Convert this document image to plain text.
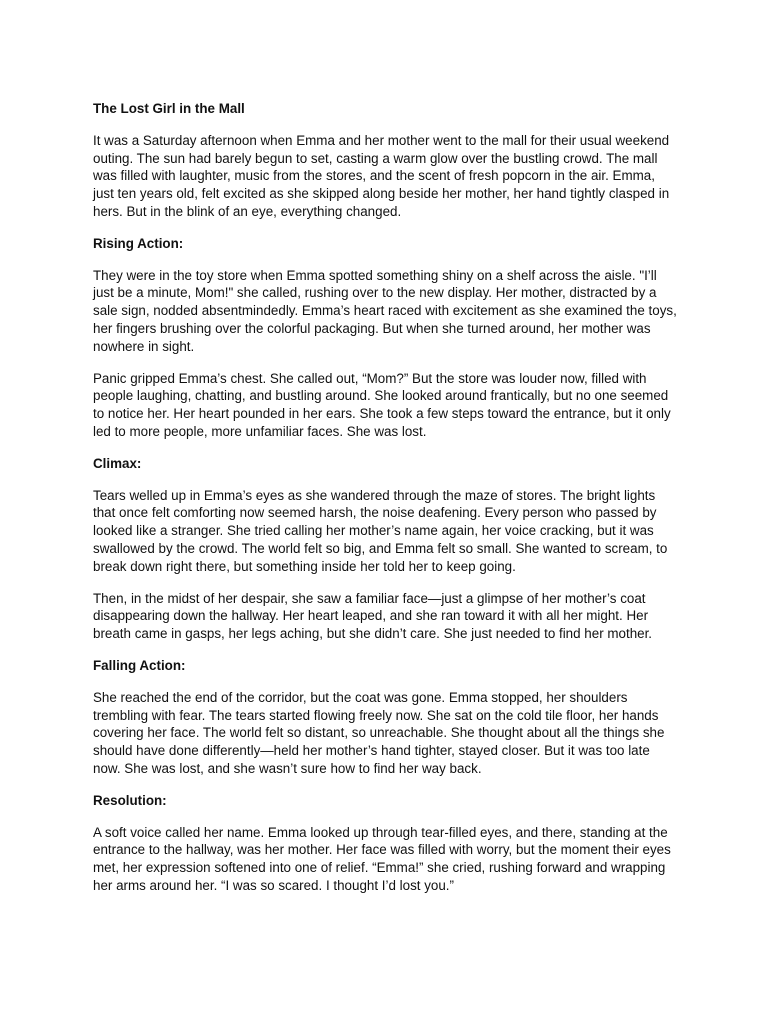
The Lost Girl in the Mall

It was a Saturday afternoon when Emma and her mother went to the mall for their usual weekend outing. The sun had barely begun to set, casting a warm glow over the bustling crowd. The mall was filled with laughter, music from the stores, and the scent of fresh popcorn in the air. Emma, just ten years old, felt excited as she skipped along beside her mother, her hand tightly clasped in hers. But in the blink of an eye, everything changed.

Rising Action:

They were in the toy store when Emma spotted something shiny on a shelf across the aisle. "I’ll just be a minute, Mom!" she called, rushing over to the new display. Her mother, distracted by a sale sign, nodded absentmindedly. Emma’s heart raced with excitement as she examined the toys, her fingers brushing over the colorful packaging. But when she turned around, her mother was nowhere in sight.

Panic gripped Emma’s chest. She called out, “Mom?” But the store was louder now, filled with people laughing, chatting, and bustling around. She looked around frantically, but no one seemed to notice her. Her heart pounded in her ears. She took a few steps toward the entrance, but it only led to more people, more unfamiliar faces. She was lost.

Climax:

Tears welled up in Emma’s eyes as she wandered through the maze of stores. The bright lights that once felt comforting now seemed harsh, the noise deafening. Every person who passed by looked like a stranger. She tried calling her mother’s name again, her voice cracking, but it was swallowed by the crowd. The world felt so big, and Emma felt so small. She wanted to scream, to break down right there, but something inside her told her to keep going.

Then, in the midst of her despair, she saw a familiar face—just a glimpse of her mother’s coat disappearing down the hallway. Her heart leaped, and she ran toward it with all her might. Her breath came in gasps, her legs aching, but she didn’t care. She just needed to find her mother.

Falling Action:

She reached the end of the corridor, but the coat was gone. Emma stopped, her shoulders trembling with fear. The tears started flowing freely now. She sat on the cold tile floor, her hands covering her face. The world felt so distant, so unreachable. She thought about all the things she should have done differently—held her mother’s hand tighter, stayed closer. But it was too late now. She was lost, and she wasn’t sure how to find her way back.

Resolution:

A soft voice called her name. Emma looked up through tear-filled eyes, and there, standing at the entrance to the hallway, was her mother. Her face was filled with worry, but the moment their eyes met, her expression softened into one of relief. “Emma!” she cried, rushing forward and wrapping her arms around her. “I was so scared. I thought I’d lost you.”
